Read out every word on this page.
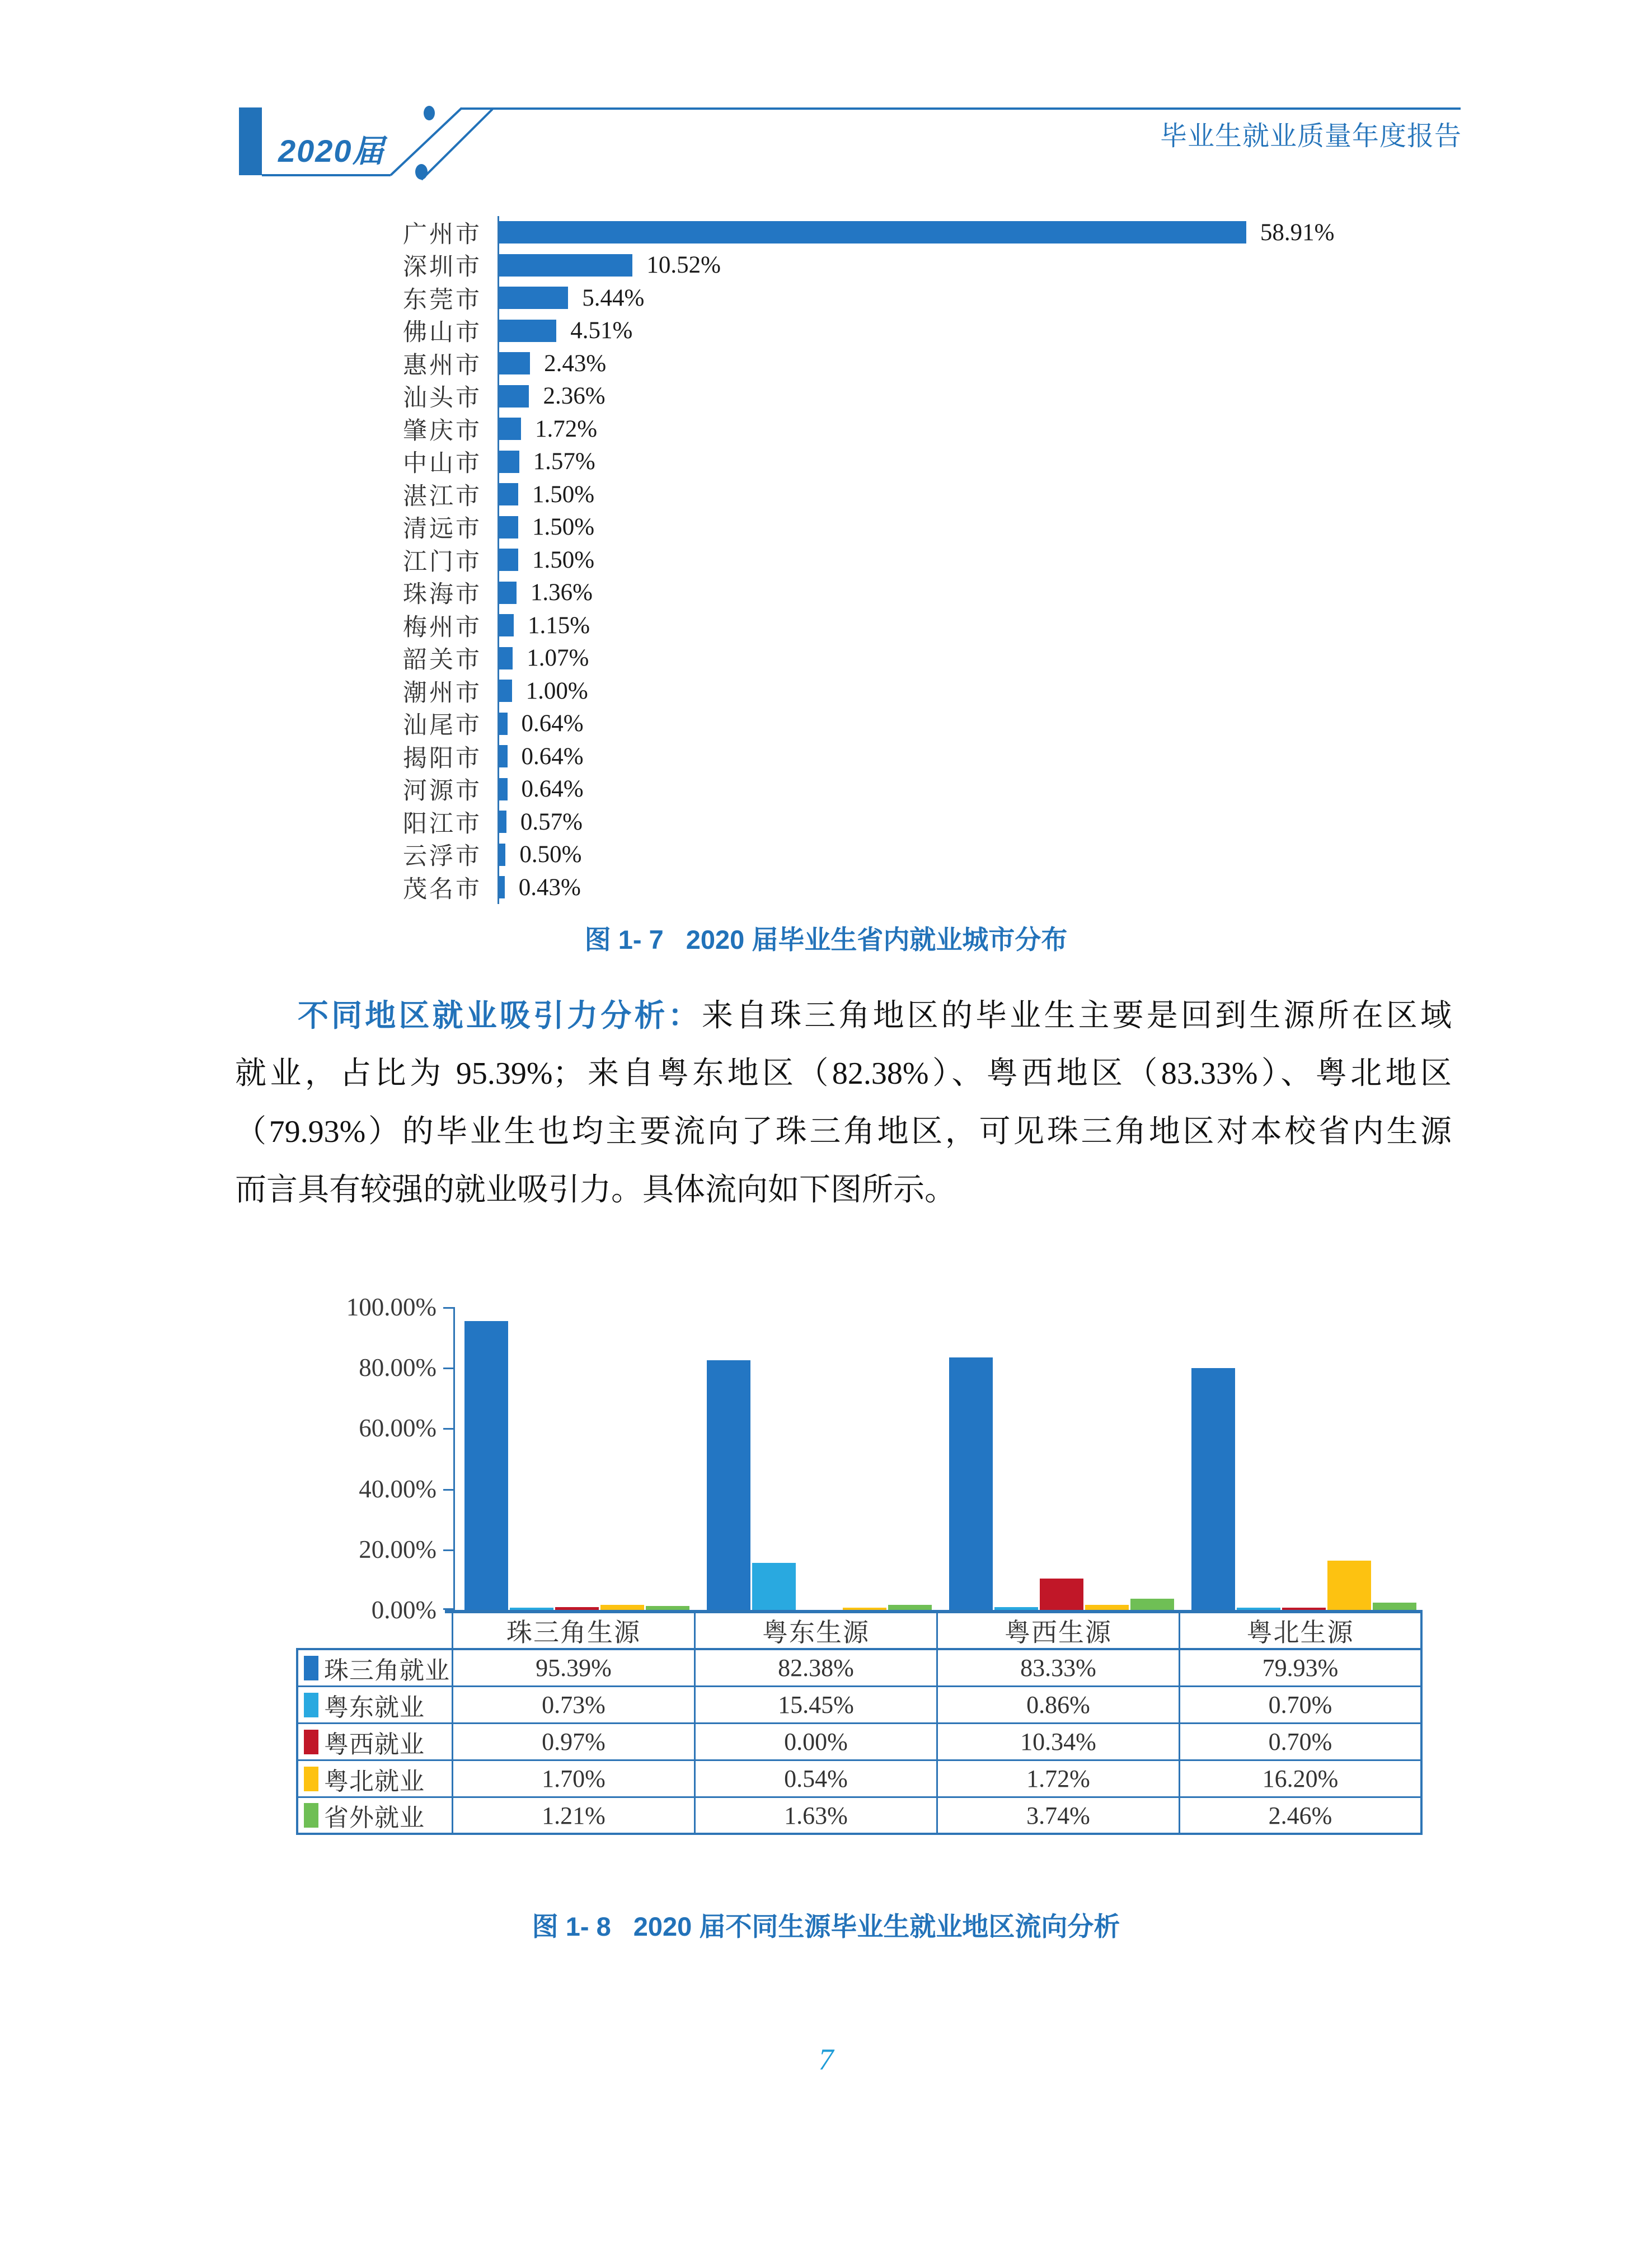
2020届	毕业生就业质量年度报告
广州市	58.91%
深圳市	10.52%
东莞市	5.44%
佛山市	4.51%
惠州市	2.43%
汕头市	2.36%
肇庆市	1.72%
中山市	1.57%
湛江市	1.50%
清远市	1.50%
江门市	1.50%
珠海市	1.36%
梅州市	1.15%
韶关市	1.07%
潮州市	1.00%
汕尾市	0.64%
揭阳市	0.64%
河源市	0.64%
阳江市	0.57%
云浮市	0.50%
茂名市	0.43%
图 1- 7 2020 届毕业生省内就业城市分布
不同地区就业吸引力分析：来自珠三角地区的毕业生主要是回到生源所在区域
就业，占比为 95.39%；来自粤东地区（82.38%）、粤西地区（83.33%）、粤北地区
（79.93%）的毕业生也均主要流向了珠三角地区，可见珠三角地区对本校省内生源
而言具有较强的就业吸引力。具体流向如下图所示。
100.00%
80.00%
60.00%
40.00%
20.00%
0.00%
珠三角生源	粤东生源	粤西生源	粤北生源
珠三角就业	95.39%	82.38%	83.33%	79.93%
粤东就业	0.73%	15.45%	0.86%	0.70%
粤西就业	0.97%	0.00%	10.34%	0.70%
粤北就业	1.70%	0.54%	1.72%	16.20%
省外就业	1.21%	1.63%	3.74%	2.46%
图 1- 8 2020 届不同生源毕业生就业地区流向分析
7
